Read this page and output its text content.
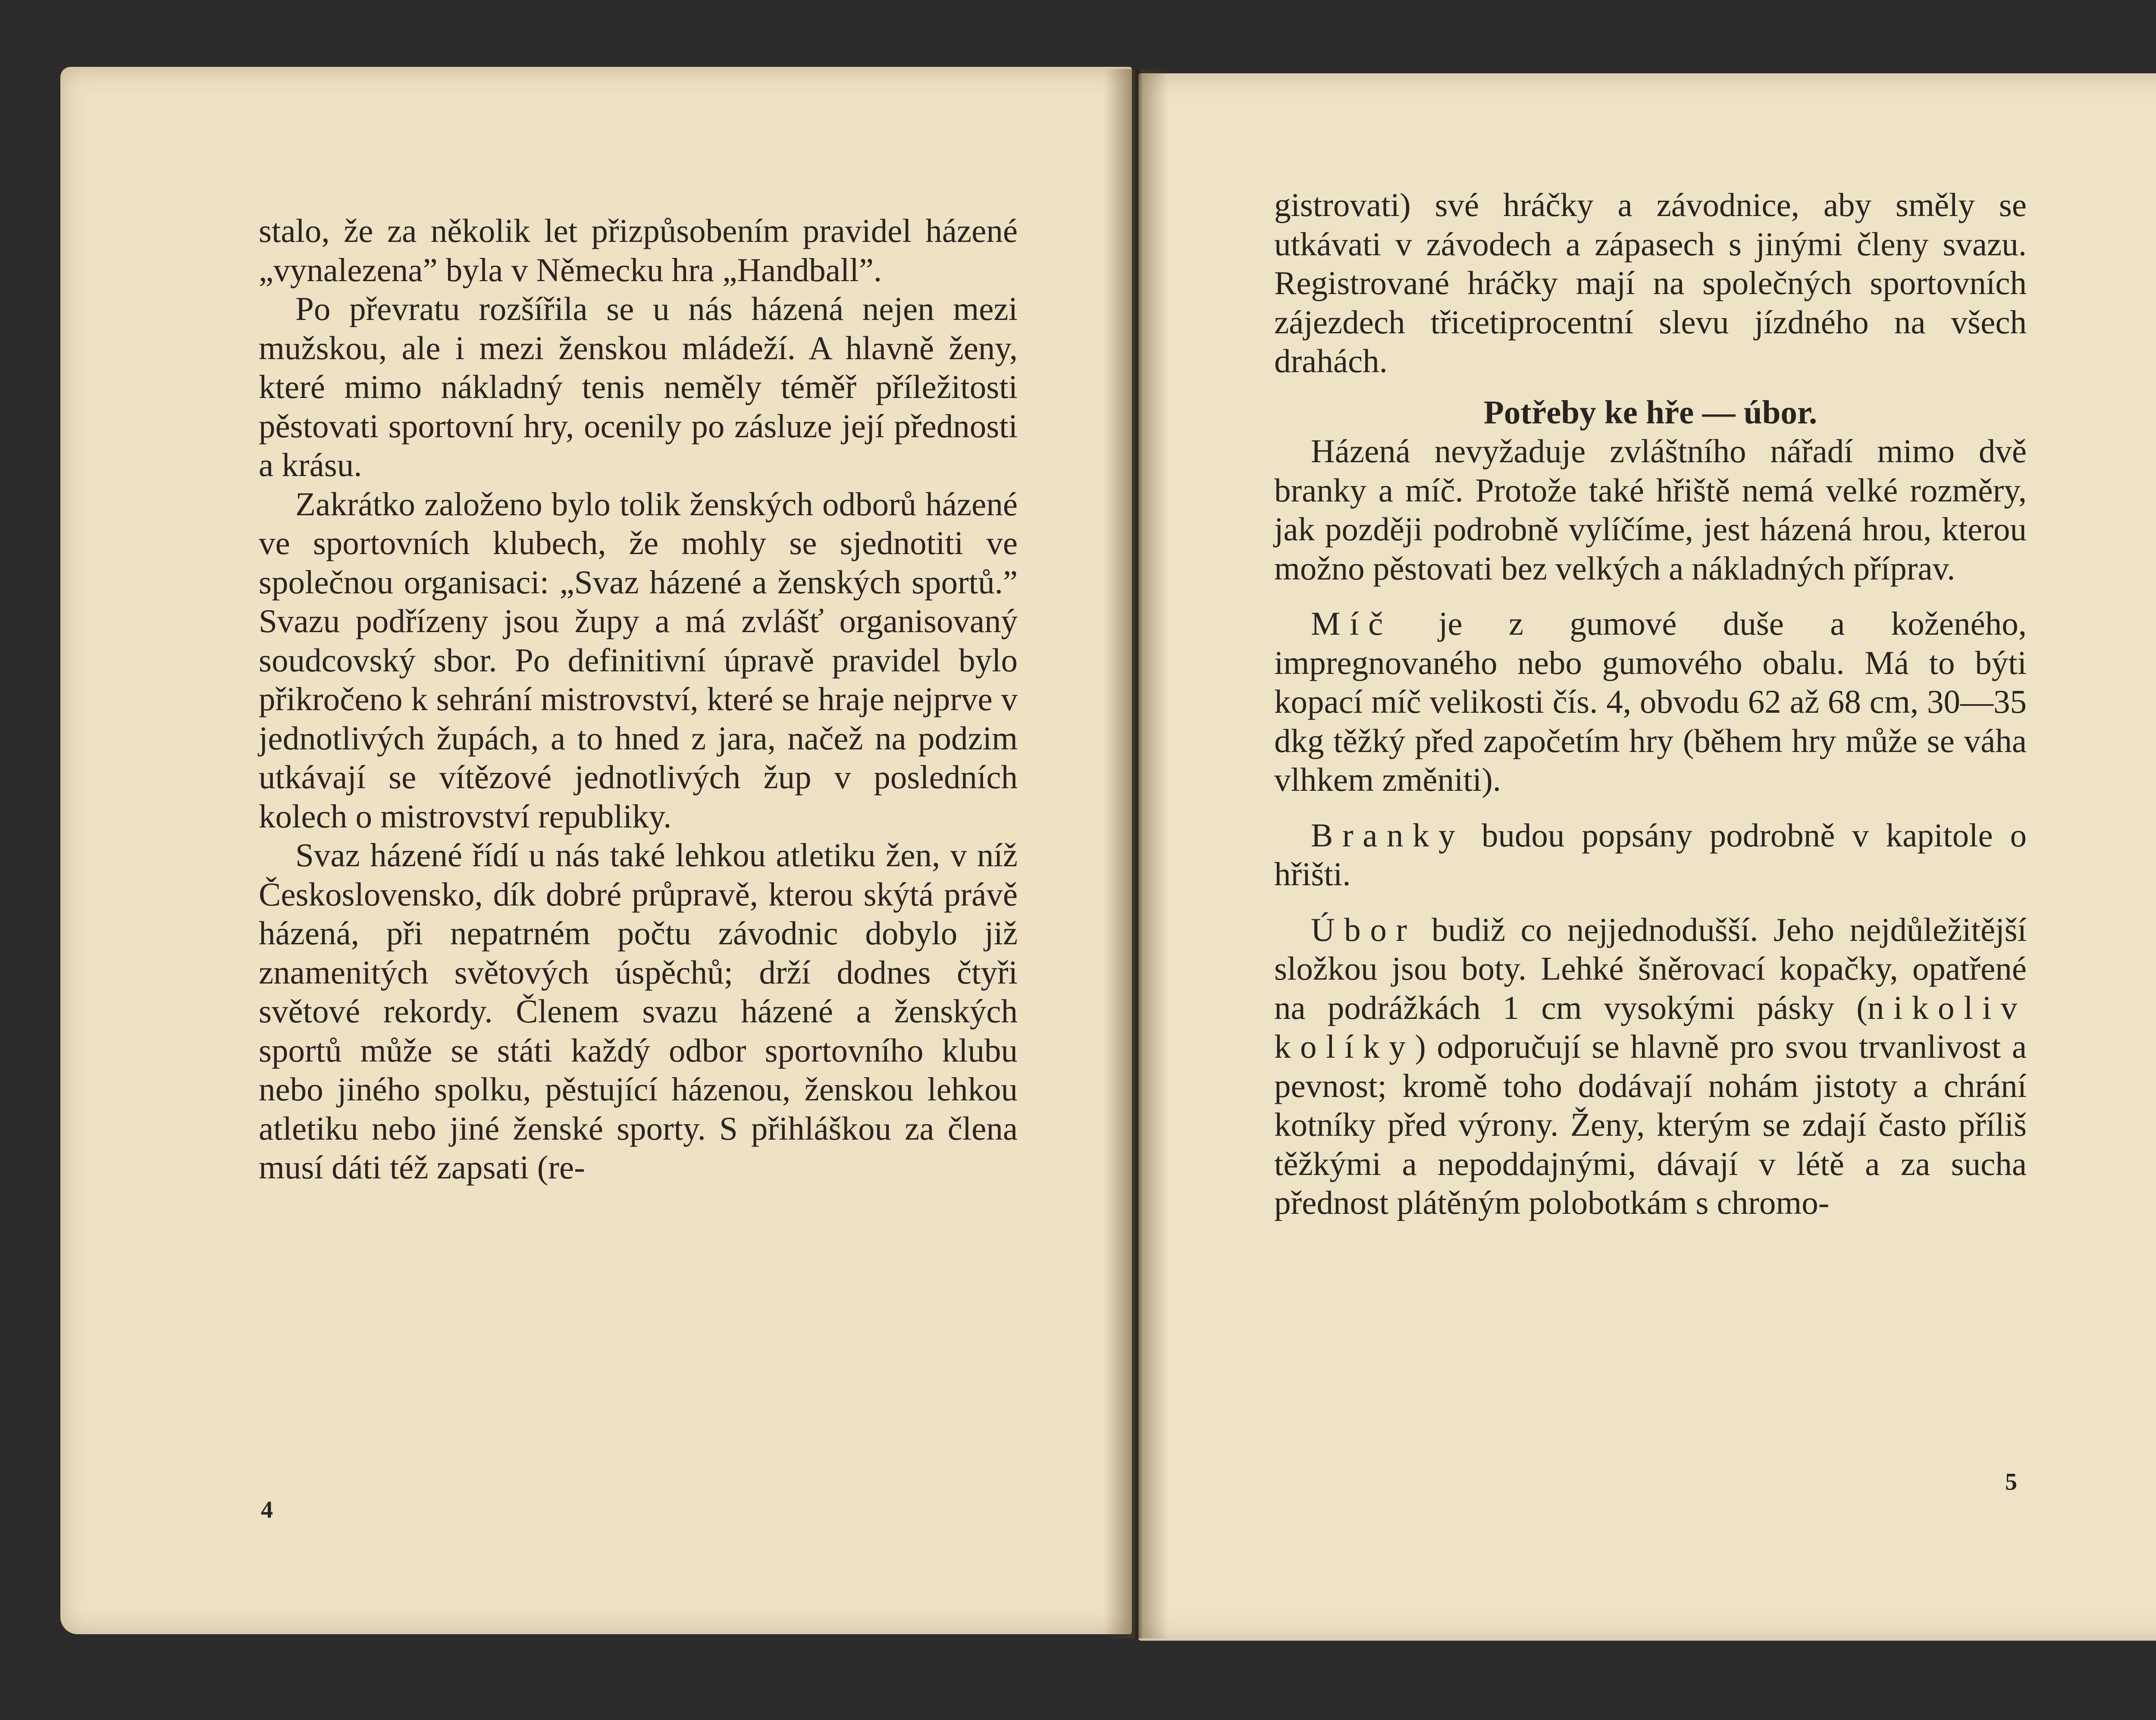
stalo, že za několik let přizpůsobením pravidel házené „vynalezena” byla v Německu hra „Handball”.

Po převratu rozšířila se u nás házená nejen mezi mužskou, ale i mezi ženskou mládeží. A hlavně ženy, které mimo nákladný tenis neměly téměř příležitosti pěstovati sportovní hry, ocenily po zásluze její přednosti a krásu.

Zakrátko založeno bylo tolik ženských odborů házené ve sportovních klubech, že mohly se sjednotiti ve společnou organisaci: „Svaz házené a ženských sportů.” Svazu podřízeny jsou župy a má zvlášť organisovaný soudcovský sbor. Po definitivní úpravě pravidel bylo přikročeno k sehrání mistrovství, které se hraje nejprve v jednotlivých župách, a to hned z jara, načež na podzim utkávají se vítězové jednotlivých žup v posledních kolech o mistrovství republiky.

Svaz házené řídí u nás také lehkou atletiku žen, v níž Československo, dík dobré průpravě, kterou skýtá právě házená, při nepatrném počtu závodnic dobylo již znamenitých světových úspěchů; drží dodnes čtyři světové rekordy. Členem svazu házené a ženských sportů může se státi každý odbor sportovního klubu nebo jiného spolku, pěstující házenou, ženskou lehkou atletiku nebo jiné ženské sporty. S přihláškou za člena musí dáti též zapsati (re-

4

gistrovati) své hráčky a závodnice, aby směly se utkávati v závodech a zápasech s jinými členy svazu. Registrované hráčky mají na společných sportovních zájezdech třicetiprocentní slevu jízdného na všech drahách.

Potřeby ke hře — úbor.

Házená nevyžaduje zvláštního nářadí mimo dvě branky a míč. Protože také hřiště nemá velké rozměry, jak později podrobně vylíčíme, jest házená hrou, kterou možno pěstovati bez velkých a nákladných příprav.

Míč je z gumové duše a koženého, impregnovaného nebo gumového obalu. Má to býti kopací míč velikosti čís. 4, obvodu 62 až 68 cm, 30—35 dkg těžký před započetím hry (během hry může se váha vlhkem změniti).

Branky budou popsány podrobně v kapitole o hřišti.

Úbor budiž co nejjednodušší. Jeho nejdůležitější složkou jsou boty. Lehké šněrovací kopačky, opatřené na podrážkách 1 cm vysokými pásky (nikoliv kolíky) odporučují se hlavně pro svou trvanlivost a pevnost; kromě toho dodávají nohám jistoty a chrání kotníky před výrony. Ženy, kterým se zdají často příliš těžkými a nepoddajnými, dávají v létě a za sucha přednost plátěným polobotkám s chromo-

5
